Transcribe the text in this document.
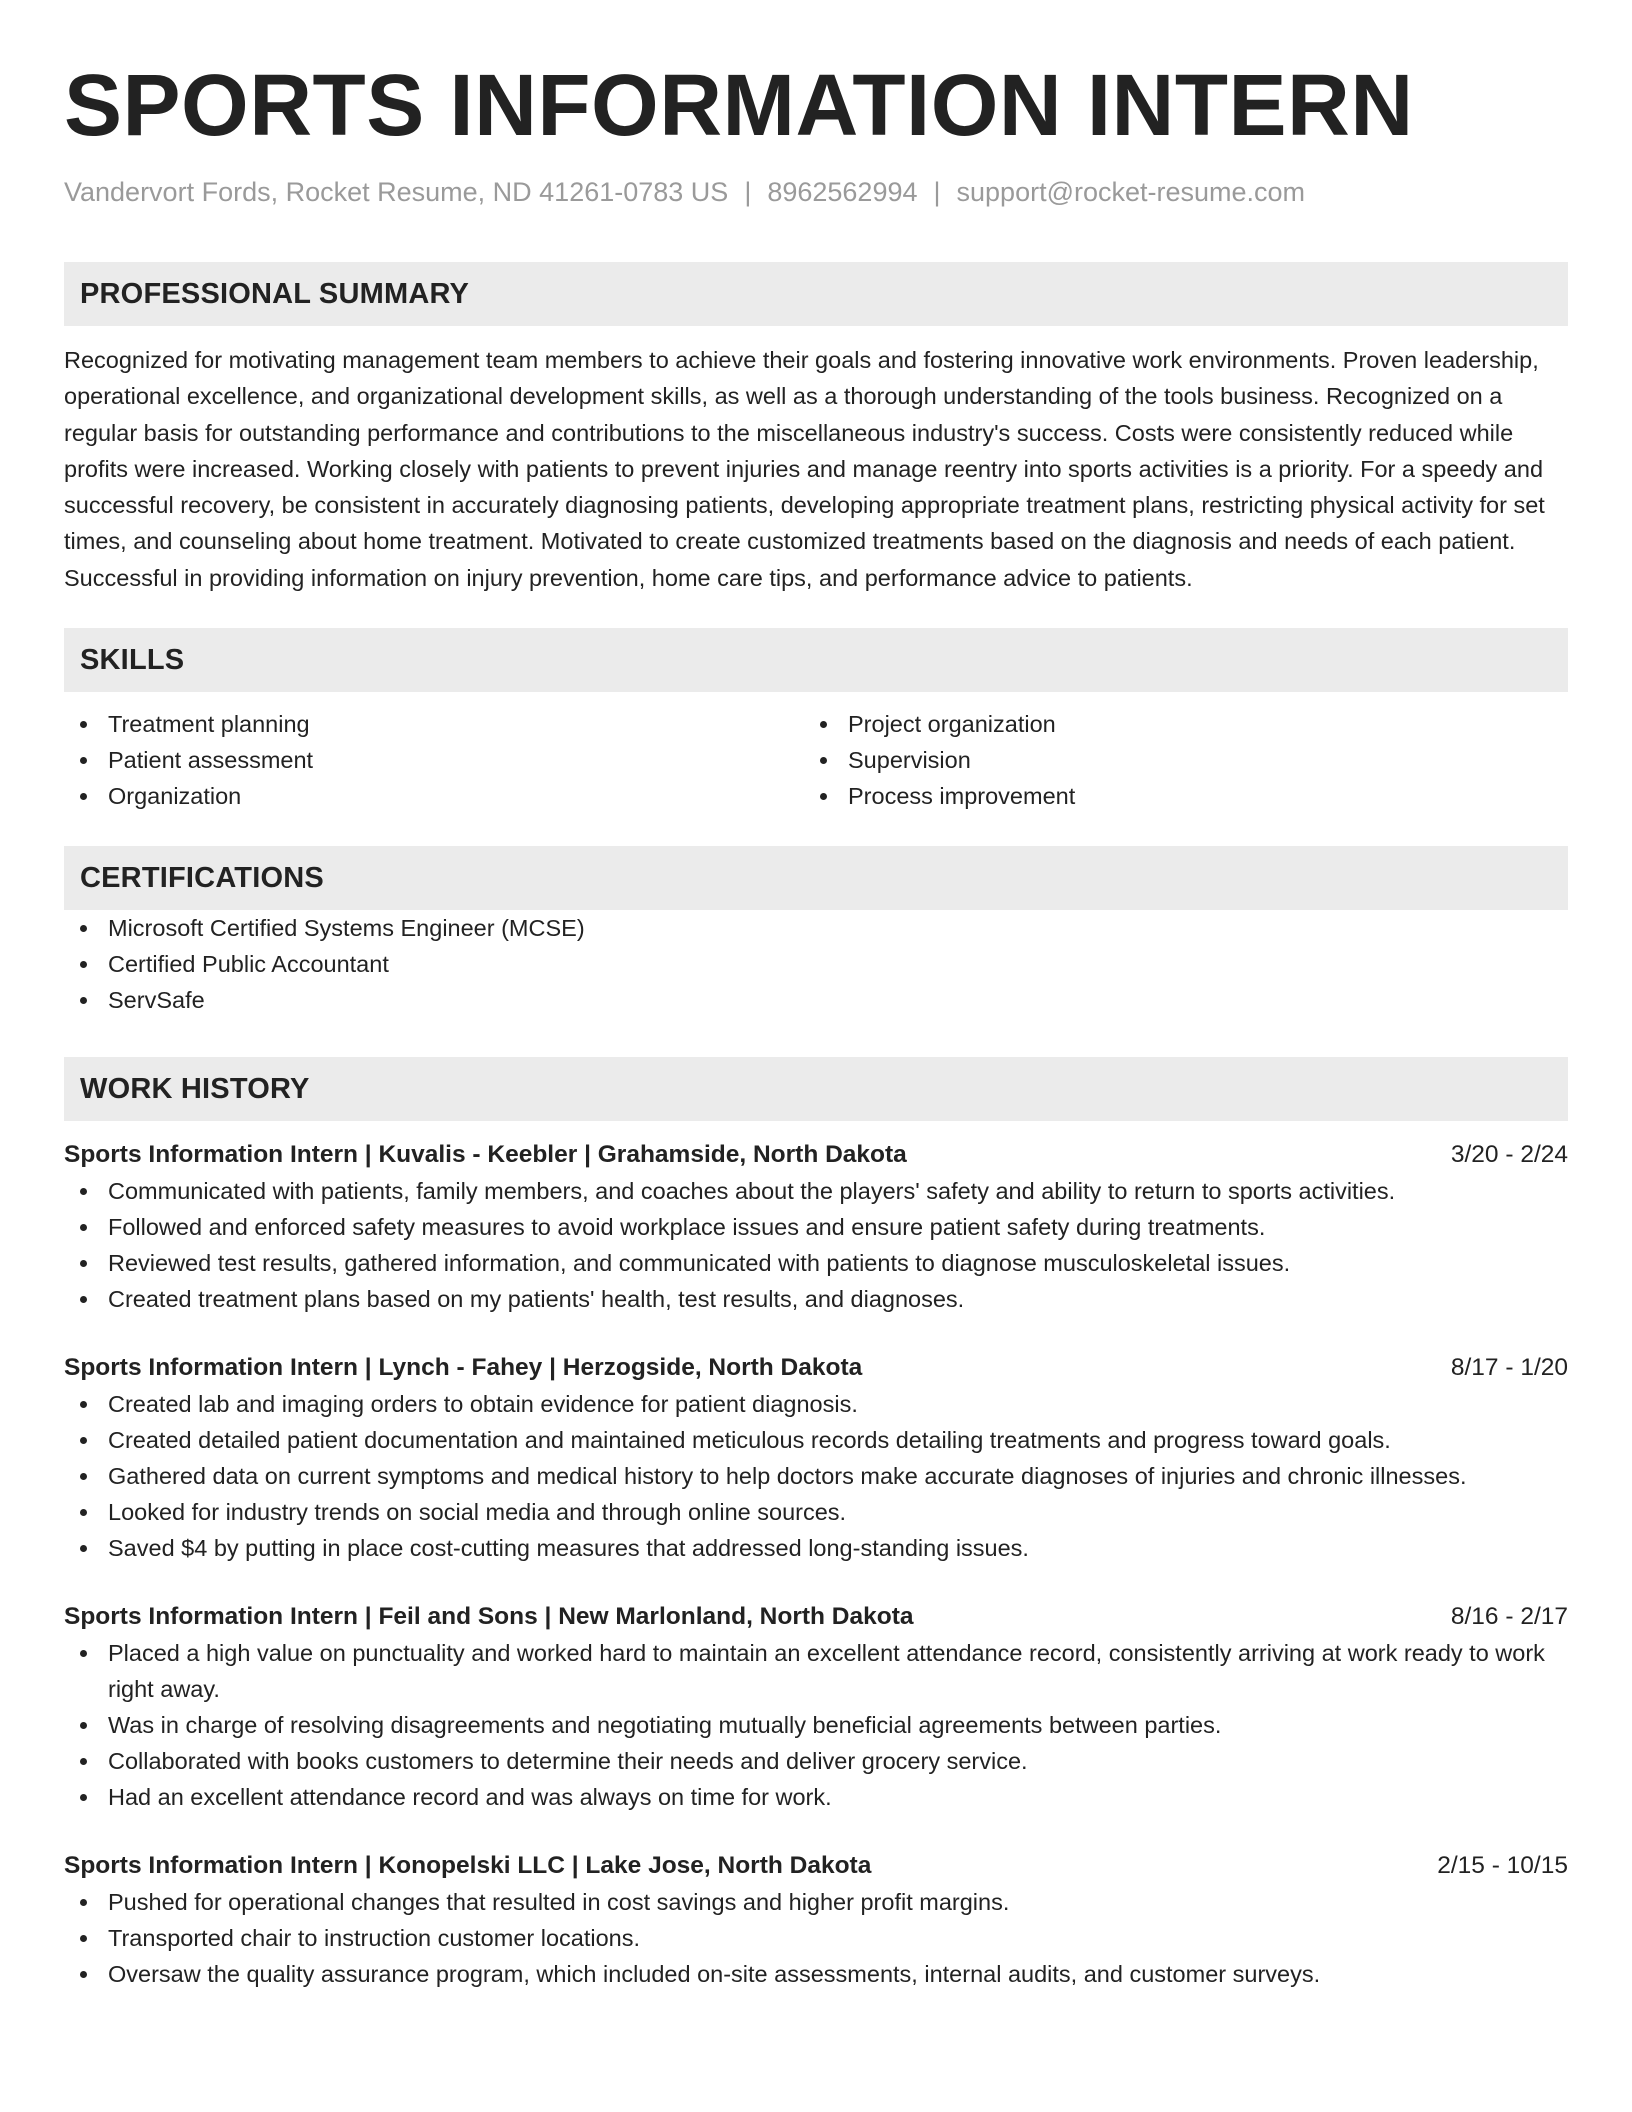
SPORTS INFORMATION INTERN
Vandervort Fords, Rocket Resume, ND 41261-0783 US | 8962562994 | support@rocket-resume.com
PROFESSIONAL SUMMARY

Recognized for motivating management team members to achieve their goals and fostering innovative work environments. Proven leadership, operational excellence, and organizational development skills, as well as a thorough understanding of the tools business. Recognized on a regular basis for outstanding performance and contributions to the miscellaneous industry's success. Costs were consistently reduced while profits were increased. Working closely with patients to prevent injuries and manage reentry into sports activities is a priority. For a speedy and successful recovery, be consistent in accurately diagnosing patients, developing appropriate treatment plans, restricting physical activity for set times, and counseling about home treatment. Motivated to create customized treatments based on the diagnosis and needs of each patient. Successful in providing information on injury prevention, home care tips, and performance advice to patients.

SKILLS
Treatment planning
Patient assessment
Organization
Project organization
Supervision
Process improvement
CERTIFICATIONS
Microsoft Certified Systems Engineer (MCSE)
Certified Public Accountant
ServSafe
WORK HISTORY
Sports Information Intern | Kuvalis - Keebler | Grahamside, North Dakota	3/20 - 2/24
Communicated with patients, family members, and coaches about the players' safety and ability to return to sports activities.
Followed and enforced safety measures to avoid workplace issues and ensure patient safety during treatments.
Reviewed test results, gathered information, and communicated with patients to diagnose musculoskeletal issues.
Created treatment plans based on my patients' health, test results, and diagnoses.
Sports Information Intern | Lynch - Fahey | Herzogside, North Dakota	8/17 - 1/20
Created lab and imaging orders to obtain evidence for patient diagnosis.
Created detailed patient documentation and maintained meticulous records detailing treatments and progress toward goals.
Gathered data on current symptoms and medical history to help doctors make accurate diagnoses of injuries and chronic illnesses.
Looked for industry trends on social media and through online sources.
Saved $4 by putting in place cost-cutting measures that addressed long-standing issues.
Sports Information Intern | Feil and Sons | New Marlonland, North Dakota	8/16 - 2/17
Placed a high value on punctuality and worked hard to maintain an excellent attendance record, consistently arriving at work ready to work right away.
Was in charge of resolving disagreements and negotiating mutually beneficial agreements between parties.
Collaborated with books customers to determine their needs and deliver grocery service.
Had an excellent attendance record and was always on time for work.
Sports Information Intern | Konopelski LLC | Lake Jose, North Dakota	2/15 - 10/15
Pushed for operational changes that resulted in cost savings and higher profit margins.
Transported chair to instruction customer locations.
Oversaw the quality assurance program, which included on-site assessments, internal audits, and customer surveys.
